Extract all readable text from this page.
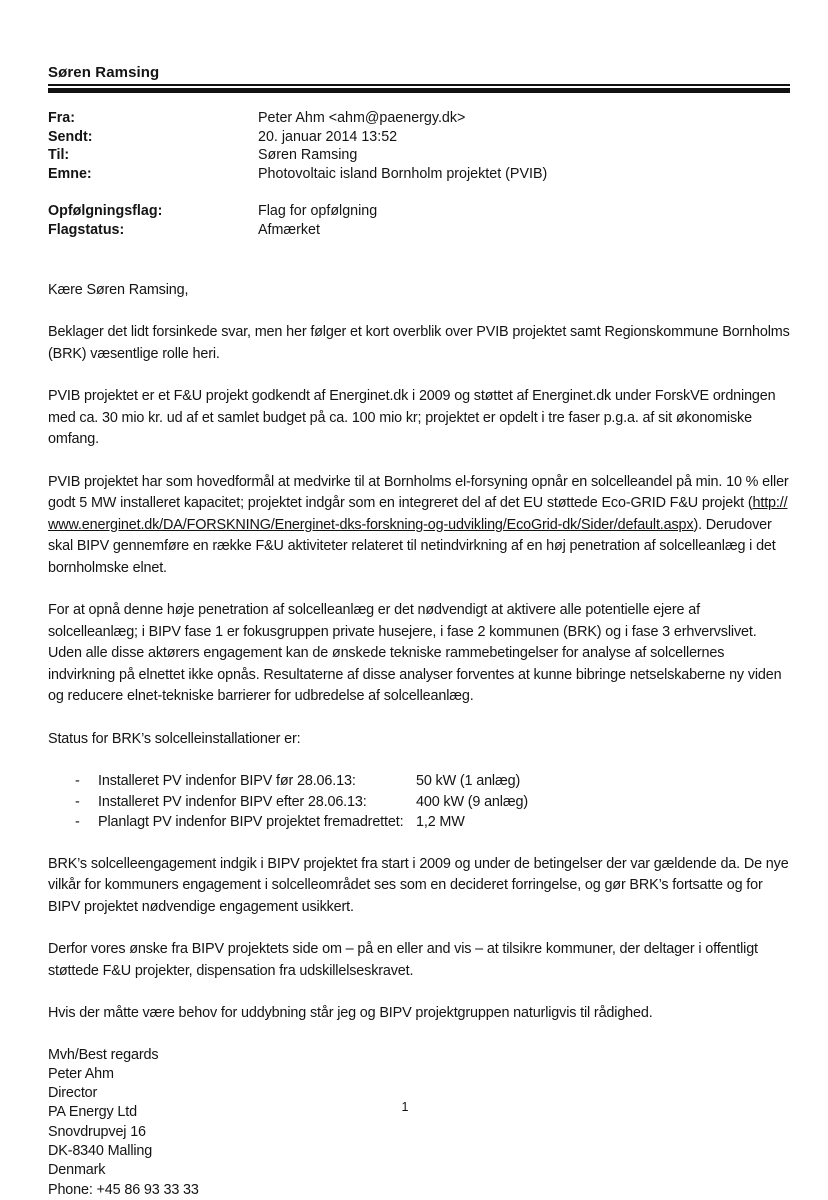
Søren Ramsing
Fra:	Peter Ahm <ahm@paenergy.dk>
Sendt:	20. januar 2014 13:52
Til:	Søren Ramsing
Emne:	Photovoltaic island Bornholm projektet (PVIB)
Opfølgningsflag:	Flag for opfølgning
Flagstatus:	Afmærket
Kære Søren Ramsing,
Beklager det lidt forsinkede svar, men her følger et kort overblik over PVIB projektet samt Regionskommune Bornholms (BRK) væsentlige rolle heri.
PVIB projektet er et F&U projekt godkendt af Energinet.dk i 2009 og støttet af Energinet.dk under ForskVE ordningen med ca. 30 mio kr. ud af et samlet budget på ca. 100 mio kr; projektet er opdelt i tre faser p.g.a. af sit økonomiske omfang.
PVIB projektet har som hovedformål at medvirke til at Bornholms el-forsyning opnår en solcelleandel på min. 10 % eller godt 5 MW installeret kapacitet; projektet indgår som en integreret del af det EU støttede Eco-GRID F&U projekt (http://www.energinet.dk/DA/FORSKNING/Energinet-dks-forskning-og-udvikling/EcoGrid-dk/Sider/default.aspx). Derudover skal BIPV gennemføre en række F&U aktiviteter relateret til netindvirkning af en høj penetration af solcelleanlæg i det bornholmske elnet.
For at opnå denne høje penetration af solcelleanlæg er det nødvendigt at aktivere alle potentielle ejere af solcelleanlæg; i BIPV fase 1 er fokusgruppen private husejere, i fase 2 kommunen (BRK) og i fase 3 erhvervslivet. Uden alle disse aktørers engagement kan de ønskede tekniske rammebetingelser for analyse af solcellernes indvirkning på elnettet ikke opnås. Resultaterne af disse analyser forventes at kunne bibringe netselskaberne ny viden og reducere elnet-tekniske barrierer for udbredelse af solcelleanlæg.
Status for BRK’s solcelleinstallationer er:
- Installeret PV indenfor BIPV før 28.06.13:	50 kW (1 anlæg)
- Installeret PV indenfor BIPV efter 28.06.13:	400 kW (9 anlæg)
- Planlagt PV indenfor BIPV projektet fremadrettet: 1,2 MW
BRK’s solcelleengagement indgik i BIPV projektet fra start i 2009 og under de betingelser der var gældende da. De nye vilkår for kommuners engagement i solcelleområdet ses som en decideret forringelse, og gør BRK’s fortsatte og for BIPV projektet nødvendige engagement usikkert.
Derfor vores ønske fra BIPV projektets side om – på en eller and vis – at tilsikre kommuner, der deltager i offentligt støttede F&U projekter, dispensation fra udskillelseskravet.
Hvis der måtte være behov for uddybning står jeg og BIPV projektgruppen naturligvis til rådighed.
Mvh/Best regards
Peter Ahm
Director
PA Energy Ltd
Snovdrupvej 16
DK-8340 Malling
Denmark
Phone: +45 86 93 33 33
1
